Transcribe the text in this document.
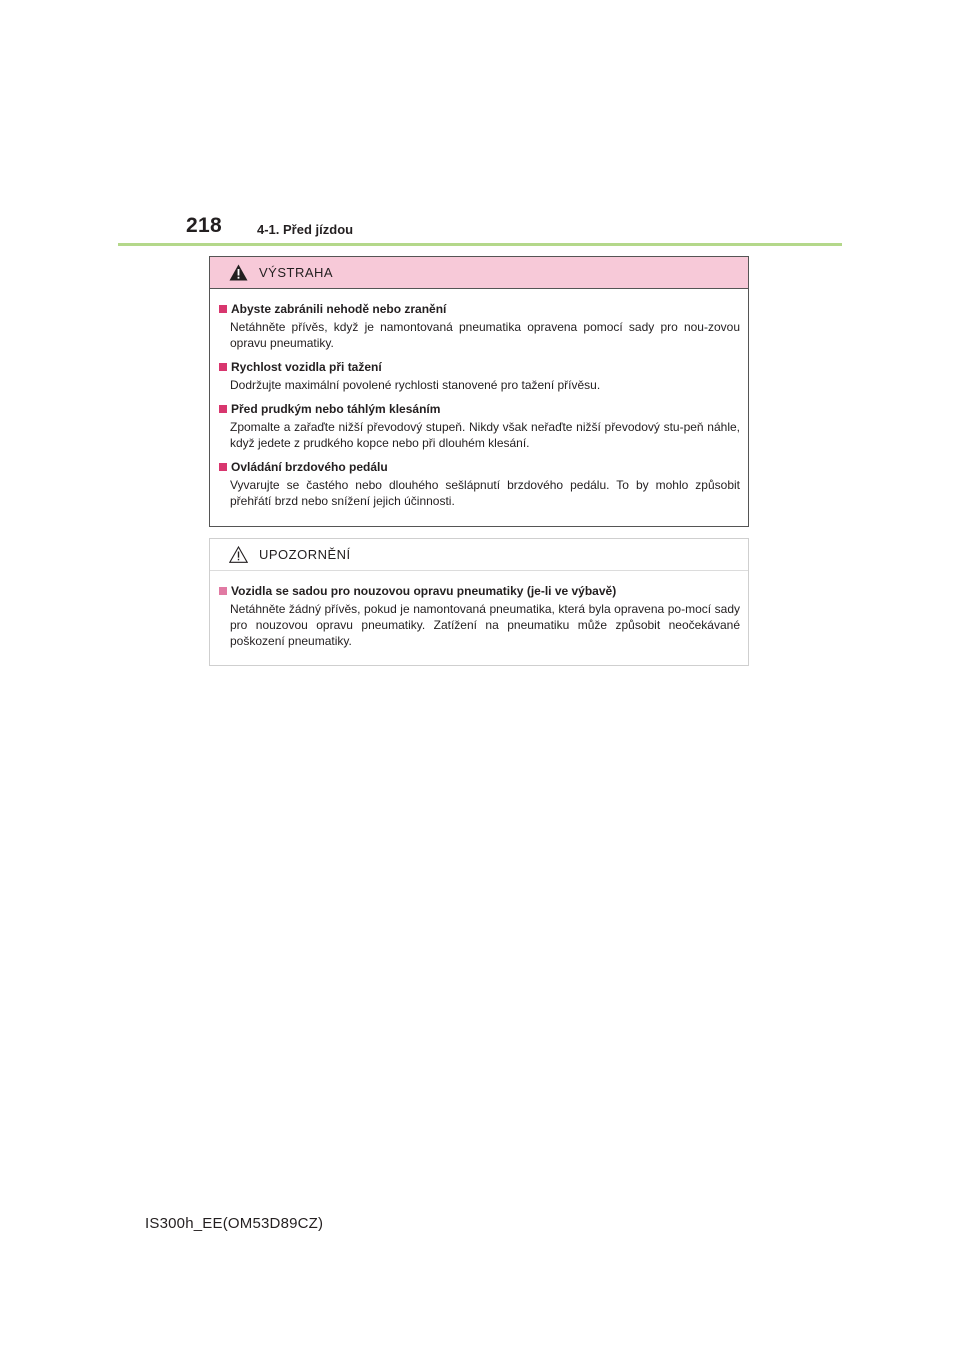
218	4-1. Před jízdou
VÝSTRAHA
Abyste zabránili nehodě nebo zranění
Netáhněte přívěs, když je namontovaná pneumatika opravena pomocí sady pro nou-zovou opravu pneumatiky.
Rychlost vozidla při tažení
Dodržujte maximální povolené rychlosti stanovené pro tažení přívěsu.
Před prudkým nebo táhlým klesáním
Zpomalte a zařaďte nižší převodový stupeň. Nikdy však neřaďte nižší převodový stu-peň náhle, když jedete z prudkého kopce nebo při dlouhém klesání.
Ovládání brzdového pedálu
Vyvarujte se častého nebo dlouhého sešlápnutí brzdového pedálu. To by mohlo způsobit přehřátí brzd nebo snížení jejich účinnosti.
UPOZORNĚNÍ
Vozidla se sadou pro nouzovou opravu pneumatiky (je-li ve výbavě)
Netáhněte žádný přívěs, pokud je namontovaná pneumatika, která byla opravena po-mocí sady pro nouzovou opravu pneumatiky. Zatížení na pneumatiku může způsobit neočekávané poškození pneumatiky.
IS300h_EE(OM53D89CZ)
